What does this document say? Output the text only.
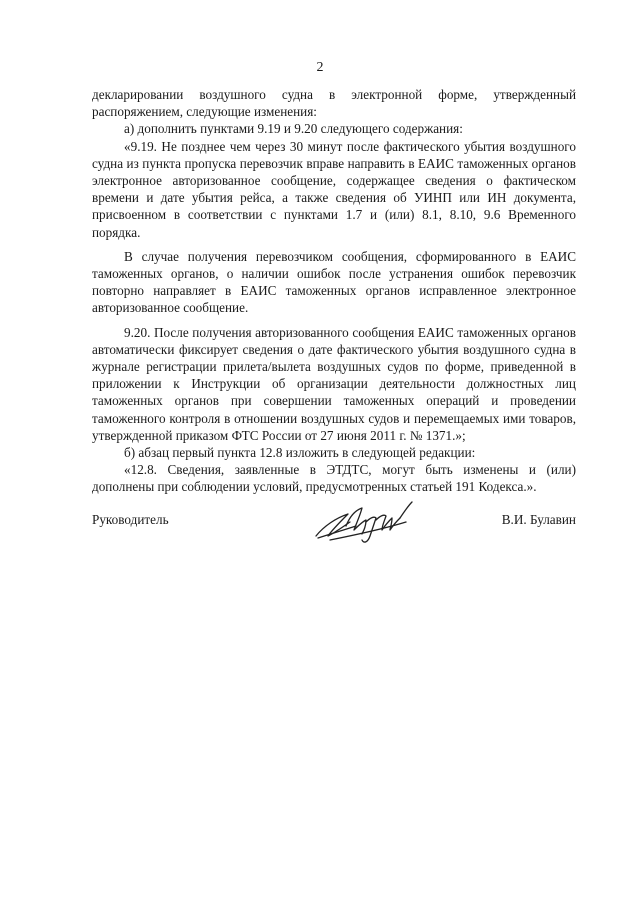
2

декларировании воздушного судна в электронной форме, утвержденный распоряжением, следующие изменения:

а) дополнить пунктами 9.19 и 9.20 следующего содержания:

«9.19. Не позднее чем через 30 минут после фактического убытия воздушного судна из пункта пропуска перевозчик вправе направить в ЕАИС таможенных органов электронное авторизованное сообщение, содержащее сведения о фактическом времени и дате убытия рейса, а также сведения об УИНП или ИН документа, присвоенном в соответствии с пунктами 1.7 и (или) 8.1, 8.10, 9.6 Временного порядка.

В случае получения перевозчиком сообщения, сформированного в ЕАИС таможенных органов, о наличии ошибок после устранения ошибок перевозчик повторно направляет в ЕАИС таможенных органов исправленное электронное авторизованное сообщение.

9.20. После получения авторизованного сообщения ЕАИС таможенных органов автоматически фиксирует сведения о дате фактического убытия воздушного судна в журнале регистрации прилета/вылета воздушных судов по форме, приведенной в приложении к Инструкции об организации деятельности должностных лиц таможенных органов при совершении таможенных операций и проведении таможенного контроля в отношении воздушных судов и перемещаемых ими товаров, утвержденной приказом ФТС России от 27 июня 2011 г. № 1371.»;

б) абзац первый пункта 12.8 изложить в следующей редакции:

«12.8. Сведения, заявленные в ЭТДТС, могут быть изменены и (или) дополнены при соблюдении условий, предусмотренных статьей 191 Кодекса.».

Руководитель	В.И. Булавин
